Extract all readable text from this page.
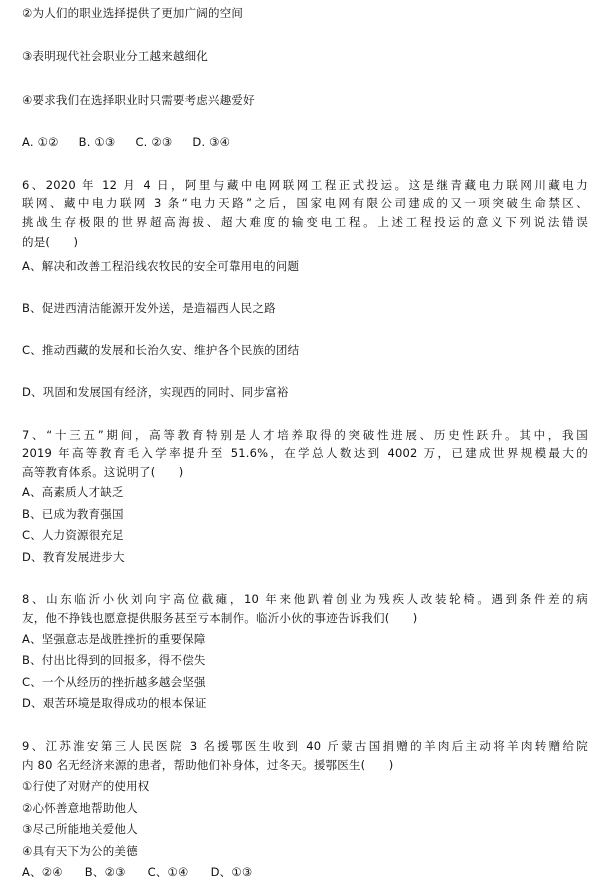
②为人们的职业选择提供了更加广阔的空间
③表明现代社会职业分工越来越细化
④要求我们在选择职业时只需要考虑兴趣爱好
A. ①② B. ①③ C. ②③ D. ③④
6、2020 年 12 月 4 日，阿里与藏中电网联网工程正式投运。这是继青藏电力联网川藏电力
联网、藏中电力联网 3 条“电力天路”之后，国家电网有限公司建成的又一项突破生命禁区、
挑战生存极限的世界超高海拔、超大难度的输变电工程。上述工程投运的意义下列说法错误
的是(　　)
A、解决和改善工程沿线农牧民的安全可靠用电的问题
B、促进西清洁能源开发外送，是造福西人民之路
C、推动西藏的发展和长治久安、维护各个民族的团结
D、巩固和发展国有经济，实现西的同时、同步富裕
7、“十三五”期间，高等教育特别是人才培养取得的突破性进展、历史性跃升。其中，我国
2019 年高等教育毛入学率提升至 51.6%，在学总人数达到 4002 万，已建成世界规模最大的
高等教育体系。这说明了(　　)
A、高素质人才缺乏
B、已成为教育强国
C、人力资源很充足
D、教育发展进步大
8、山东临沂小伙刘向宇高位截瘫，10 年来他趴着创业为残疾人改装轮椅。遇到条件差的病
友，他不挣钱也愿意提供服务甚至亏本制作。临沂小伙的事迹告诉我们(　　)
A、坚强意志是战胜挫折的重要保障
B、付出比得到的回报多，得不偿失
C、一个从经历的挫折越多越会坚强
D、艰苦环境是取得成功的根本保证
9、江苏淮安第三人民医院 3 名援鄂医生收到 40 斤蒙古国捐赠的羊肉后主动将羊肉转赠给院
内 80 名无经济来源的患者，帮助他们补身体，过冬天。援鄂医生(　　)
①行使了对财产的使用权
②心怀善意地帮助他人
③尽己所能地关爱他人
④具有天下为公的美德
A、②④ B、②③ C、①④ D、①③
